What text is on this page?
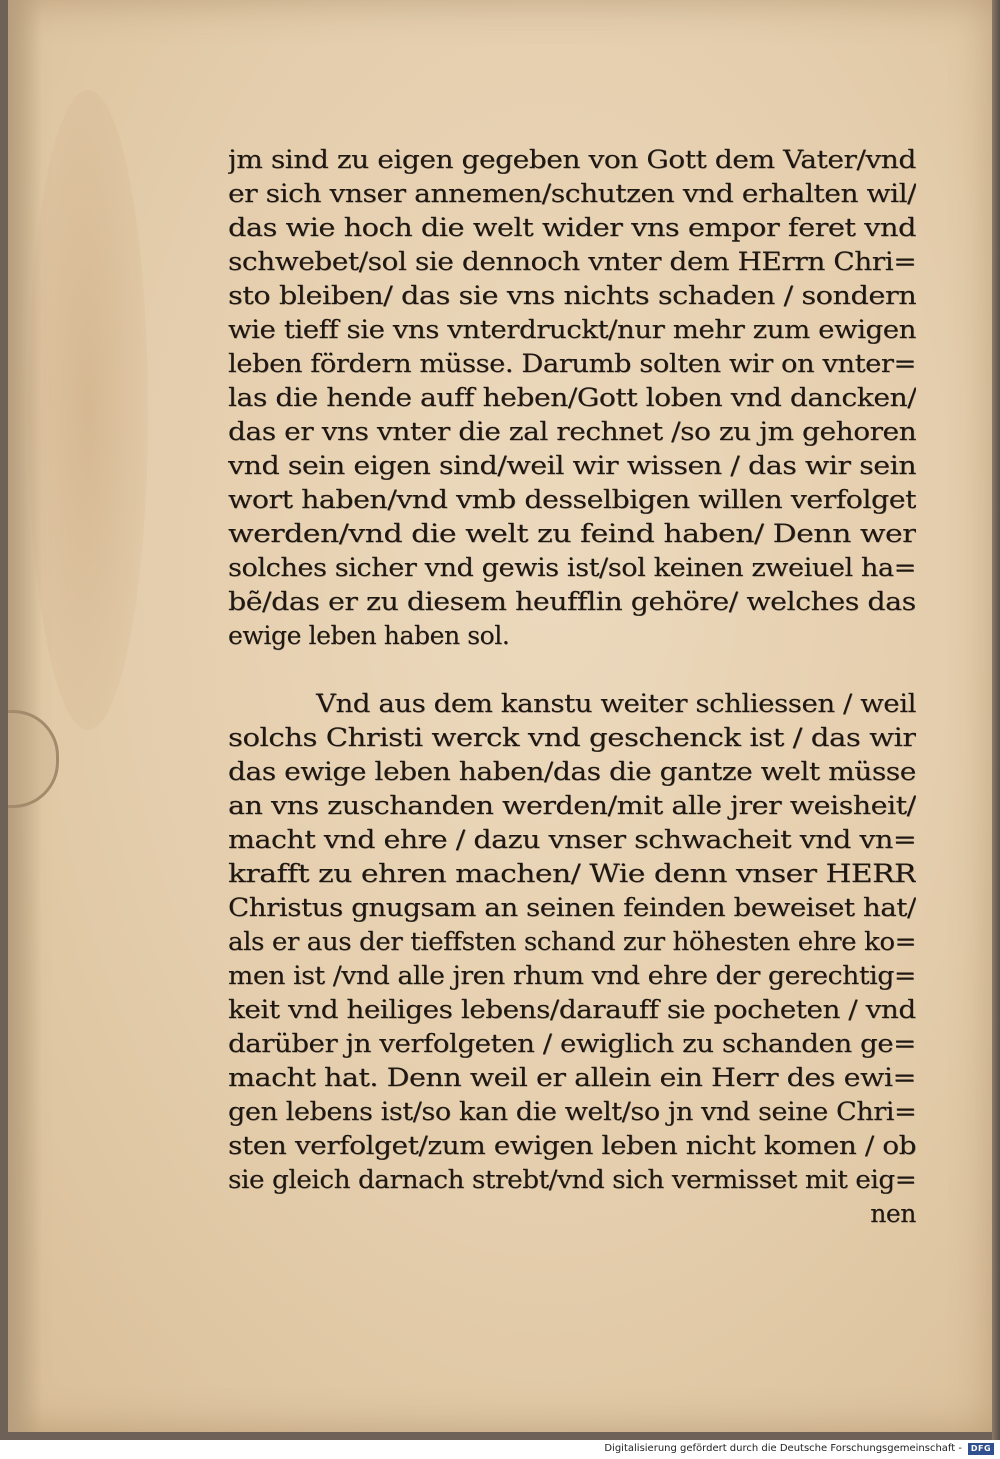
jm sind zu eigen gegeben von Gott dem Vater/vnd
er sich vnser annemen/schutzen vnd erhalten wil/
das wie hoch die welt wider vns empor feret vnd
schwebet/sol sie dennoch vnter dem HErrn Chri=
sto bleiben/ das sie vns nichts schaden / sondern
wie tieff sie vns vnterdruckt/nur mehr zum ewigen
leben fördern müsse. Darumb solten wir on vnter=
las die hende auff heben/Gott loben vnd dancken/
das er vns vnter die zal rechnet /so zu jm gehoren
vnd sein eigen sind/weil wir wissen / das wir sein
wort haben/vnd vmb desselbigen willen verfolget
werden/vnd die welt zu feind haben/ Denn wer
solches sicher vnd gewis ist/sol keinen zweiuel ha=
bẽ/das er zu diesem heufflin gehöre/ welches das
ewige leben haben sol.
Vnd aus dem kanstu weiter schliessen / weil
solchs Christi werck vnd geschenck ist / das wir
das ewige leben haben/das die gantze welt müsse
an vns zuschanden werden/mit alle jrer weisheit/
macht vnd ehre / dazu vnser schwacheit vnd vn=
krafft zu ehren machen/ Wie denn vnser HERR
Christus gnugsam an seinen feinden beweiset hat/
als er aus der tieffsten schand zur höhesten ehre ko=
men ist /vnd alle jren rhum vnd ehre der gerechtig=
keit vnd heiliges lebens/darauff sie pocheten / vnd
darüber jn verfolgeten / ewiglich zu schanden ge=
macht hat. Denn weil er allein ein Herr des ewi=
gen lebens ist/so kan die welt/so jn vnd seine Chri=
sten verfolget/zum ewigen leben nicht komen / ob
sie gleich darnach strebt/vnd sich vermisset mit eig=
nen
Digitalisierung gefördert durch die Deutsche Forschungsgemeinschaft -	DFG
